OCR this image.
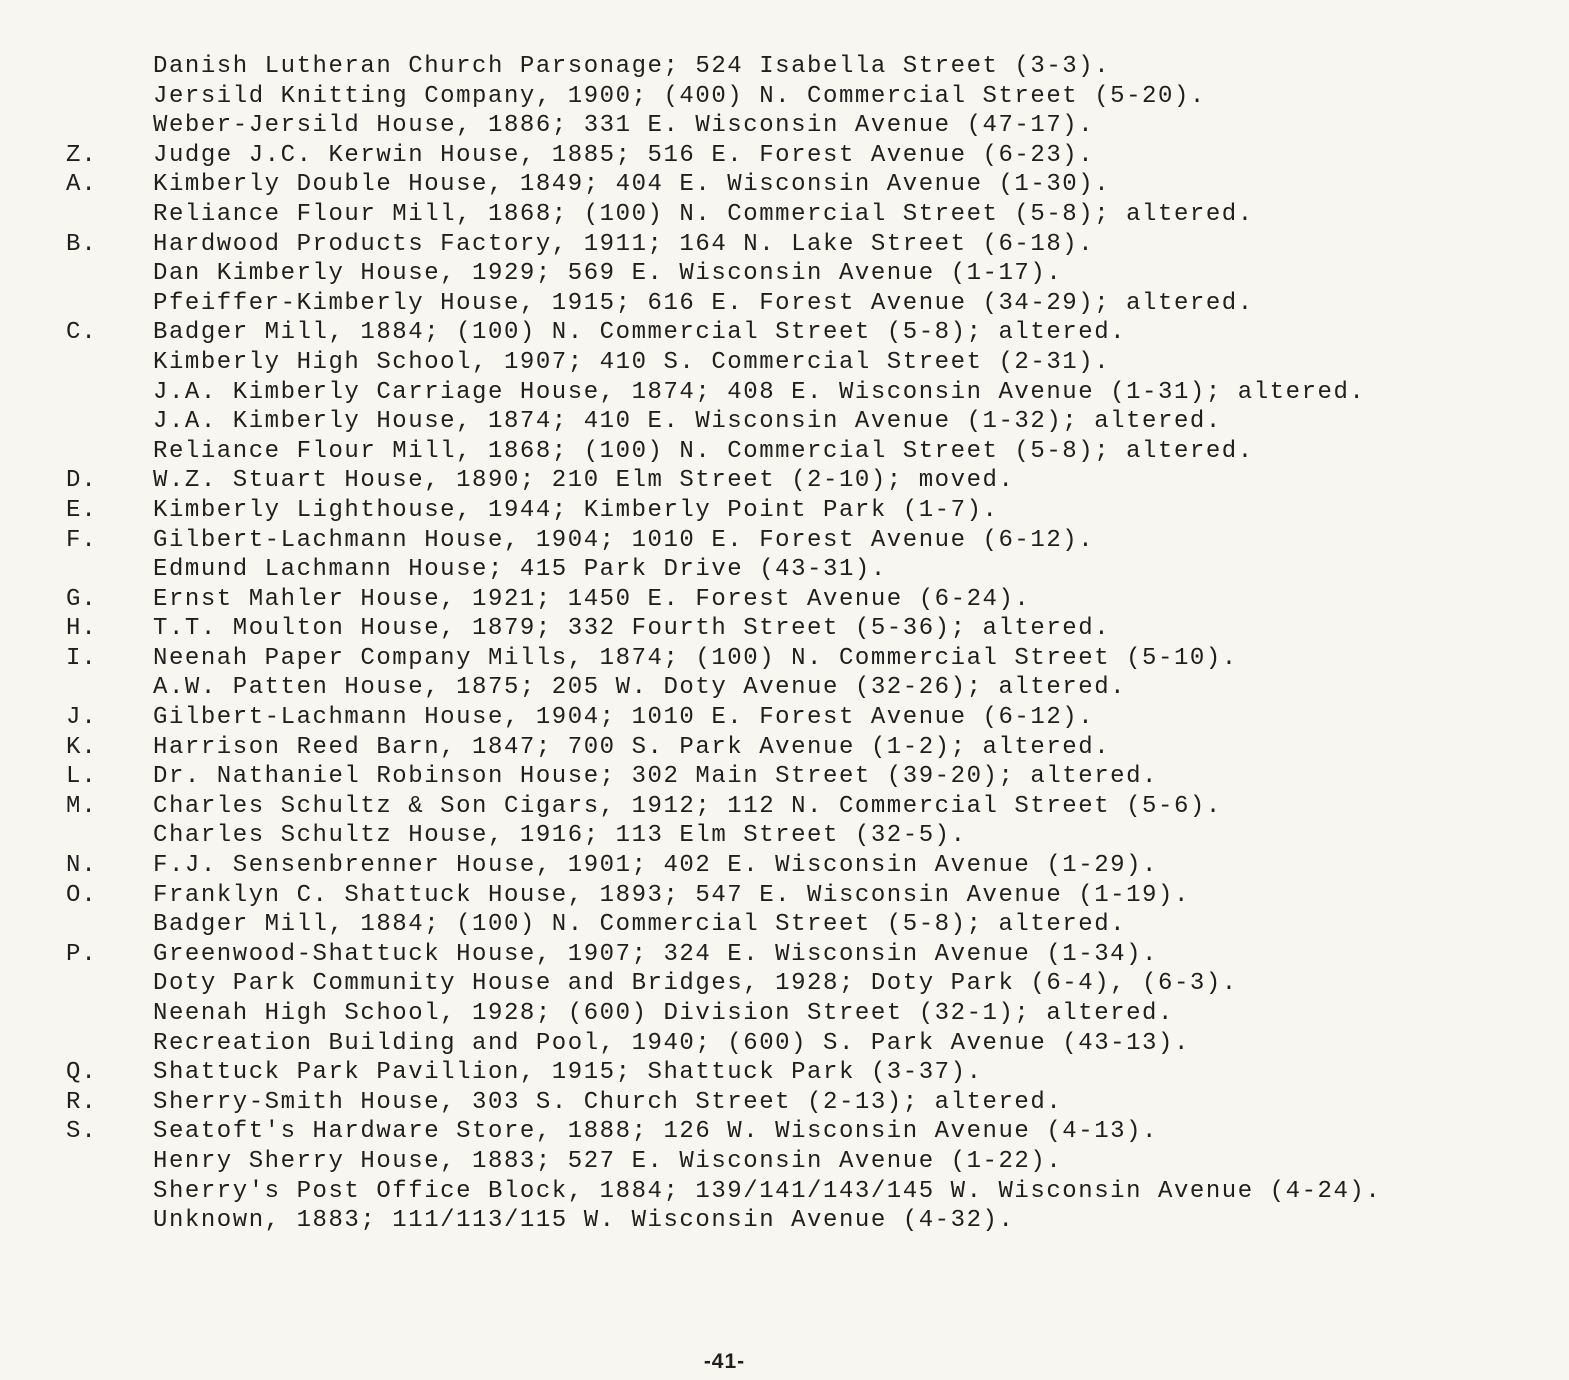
Danish Lutheran Church Parsonage; 524 Isabella Street (3-3).
Jersild Knitting Company, 1900; (400) N. Commercial Street (5-20).
Weber-Jersild House, 1886; 331 E. Wisconsin Avenue (47-17).
Z.	Judge J.C. Kerwin House, 1885; 516 E. Forest Avenue (6-23).
A.	Kimberly Double House, 1849; 404 E. Wisconsin Avenue (1-30).
Reliance Flour Mill, 1868; (100) N. Commercial Street (5-8); altered.
B.	Hardwood Products Factory, 1911; 164 N. Lake Street (6-18).
Dan Kimberly House, 1929; 569 E. Wisconsin Avenue (1-17).
Pfeiffer-Kimberly House, 1915; 616 E. Forest Avenue (34-29); altered.
C.	Badger Mill, 1884; (100) N. Commercial Street (5-8); altered.
Kimberly High School, 1907; 410 S. Commercial Street (2-31).
J.A. Kimberly Carriage House, 1874; 408 E. Wisconsin Avenue (1-31); altered.
J.A. Kimberly House, 1874; 410 E. Wisconsin Avenue (1-32); altered.
Reliance Flour Mill, 1868; (100) N. Commercial Street (5-8); altered.
D.	W.Z. Stuart House, 1890; 210 Elm Street (2-10); moved.
E.	Kimberly Lighthouse, 1944; Kimberly Point Park (1-7).
F.	Gilbert-Lachmann House, 1904; 1010 E. Forest Avenue (6-12).
Edmund Lachmann House; 415 Park Drive (43-31).
G.	Ernst Mahler House, 1921; 1450 E. Forest Avenue (6-24).
H.	T.T. Moulton House, 1879; 332 Fourth Street (5-36); altered.
I.	Neenah Paper Company Mills, 1874; (100) N. Commercial Street (5-10).
A.W. Patten House, 1875; 205 W. Doty Avenue (32-26); altered.
J.	Gilbert-Lachmann House, 1904; 1010 E. Forest Avenue (6-12).
K.	Harrison Reed Barn, 1847; 700 S. Park Avenue (1-2); altered.
L.	Dr. Nathaniel Robinson House; 302 Main Street (39-20); altered.
M.	Charles Schultz & Son Cigars, 1912; 112 N. Commercial Street (5-6).
Charles Schultz House, 1916; 113 Elm Street (32-5).
N.	F.J. Sensenbrenner House, 1901; 402 E. Wisconsin Avenue (1-29).
O.	Franklyn C. Shattuck House, 1893; 547 E. Wisconsin Avenue (1-19).
Badger Mill, 1884; (100) N. Commercial Street (5-8); altered.
P.	Greenwood-Shattuck House, 1907; 324 E. Wisconsin Avenue (1-34).
Doty Park Community House and Bridges, 1928; Doty Park (6-4), (6-3).
Neenah High School, 1928; (600) Division Street (32-1); altered.
Recreation Building and Pool, 1940; (600) S. Park Avenue (43-13).
Q.	Shattuck Park Pavillion, 1915; Shattuck Park (3-37).
R.	Sherry-Smith House, 303 S. Church Street (2-13); altered.
S.	Seatoft's Hardware Store, 1888; 126 W. Wisconsin Avenue (4-13).
Henry Sherry House, 1883; 527 E. Wisconsin Avenue (1-22).
Sherry's Post Office Block, 1884; 139/141/143/145 W. Wisconsin Avenue (4-24).
Unknown, 1883; 111/113/115 W. Wisconsin Avenue (4-32).
-41-
